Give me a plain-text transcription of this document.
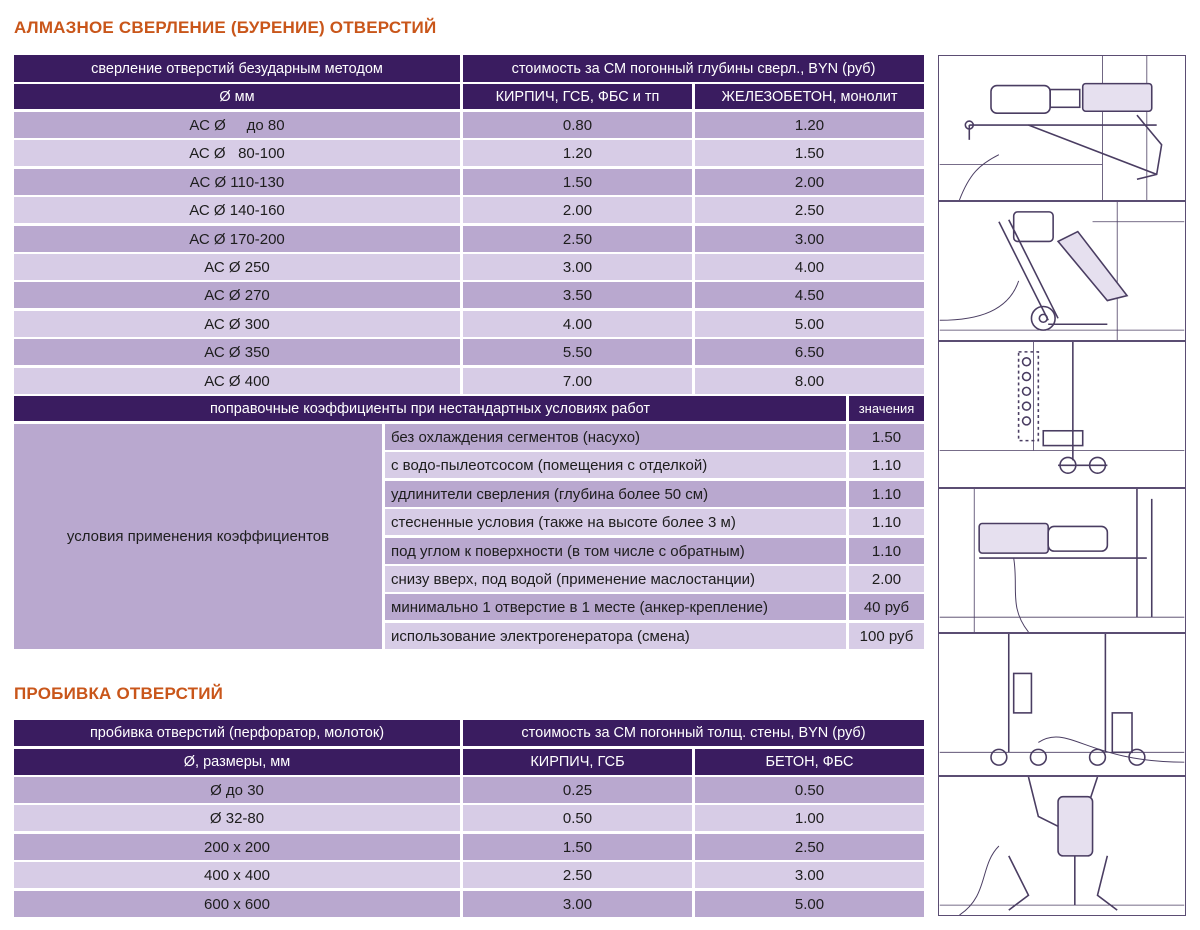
АЛМАЗНОЕ СВЕРЛЕНИЕ (БУРЕНИЕ) ОТВЕРСТИЙ
сверление отверстий безударным методом	стоимость за СМ погонный глубины сверл., BYN (руб)
Ø мм	КИРПИЧ, ГСБ, ФБС и тп	ЖЕЛЕЗОБЕТОН, монолит
АС Ø     до 80	0.80	1.20
АС Ø   80-100	1.20	1.50
АС Ø 110-130	1.50	2.00
АС Ø 140-160	2.00	2.50
АС Ø 170-200	2.50	3.00
АС Ø 250	3.00	4.00
АС Ø 270	3.50	4.50
АС Ø 300	4.00	5.00
АС Ø 350	5.50	6.50
АС Ø 400	7.00	8.00
поправочные коэффициенты при нестандартных условиях работ	значения
условия применения коэффициентов
без охлаждения сегментов (насухо)	1.50
с водо-пылеотсосом (помещения с отделкой)	1.10
удлинители сверления (глубина более 50 см)	1.10
стесненные условия (также на высоте более 3 м)	1.10
под углом к поверхности (в том числе с обратным)	1.10
снизу вверх, под водой (применение маслостанции)	2.00
минимально 1 отверстие в 1 месте (анкер-крепление)	40 руб
использование электрогенератора (смена)	100 руб
ПРОБИВКА ОТВЕРСТИЙ
пробивка отверстий (перфоратор, молоток)	стоимость за СМ погонный толщ. стены, BYN (руб)
Ø, размеры, мм	КИРПИЧ, ГСБ	БЕТОН, ФБС
Ø до 30	0.25	0.50
Ø 32-80	0.50	1.00
200 х 200	1.50	2.50
400 х 400	2.50	3.00
600 х 600	3.00	5.00
